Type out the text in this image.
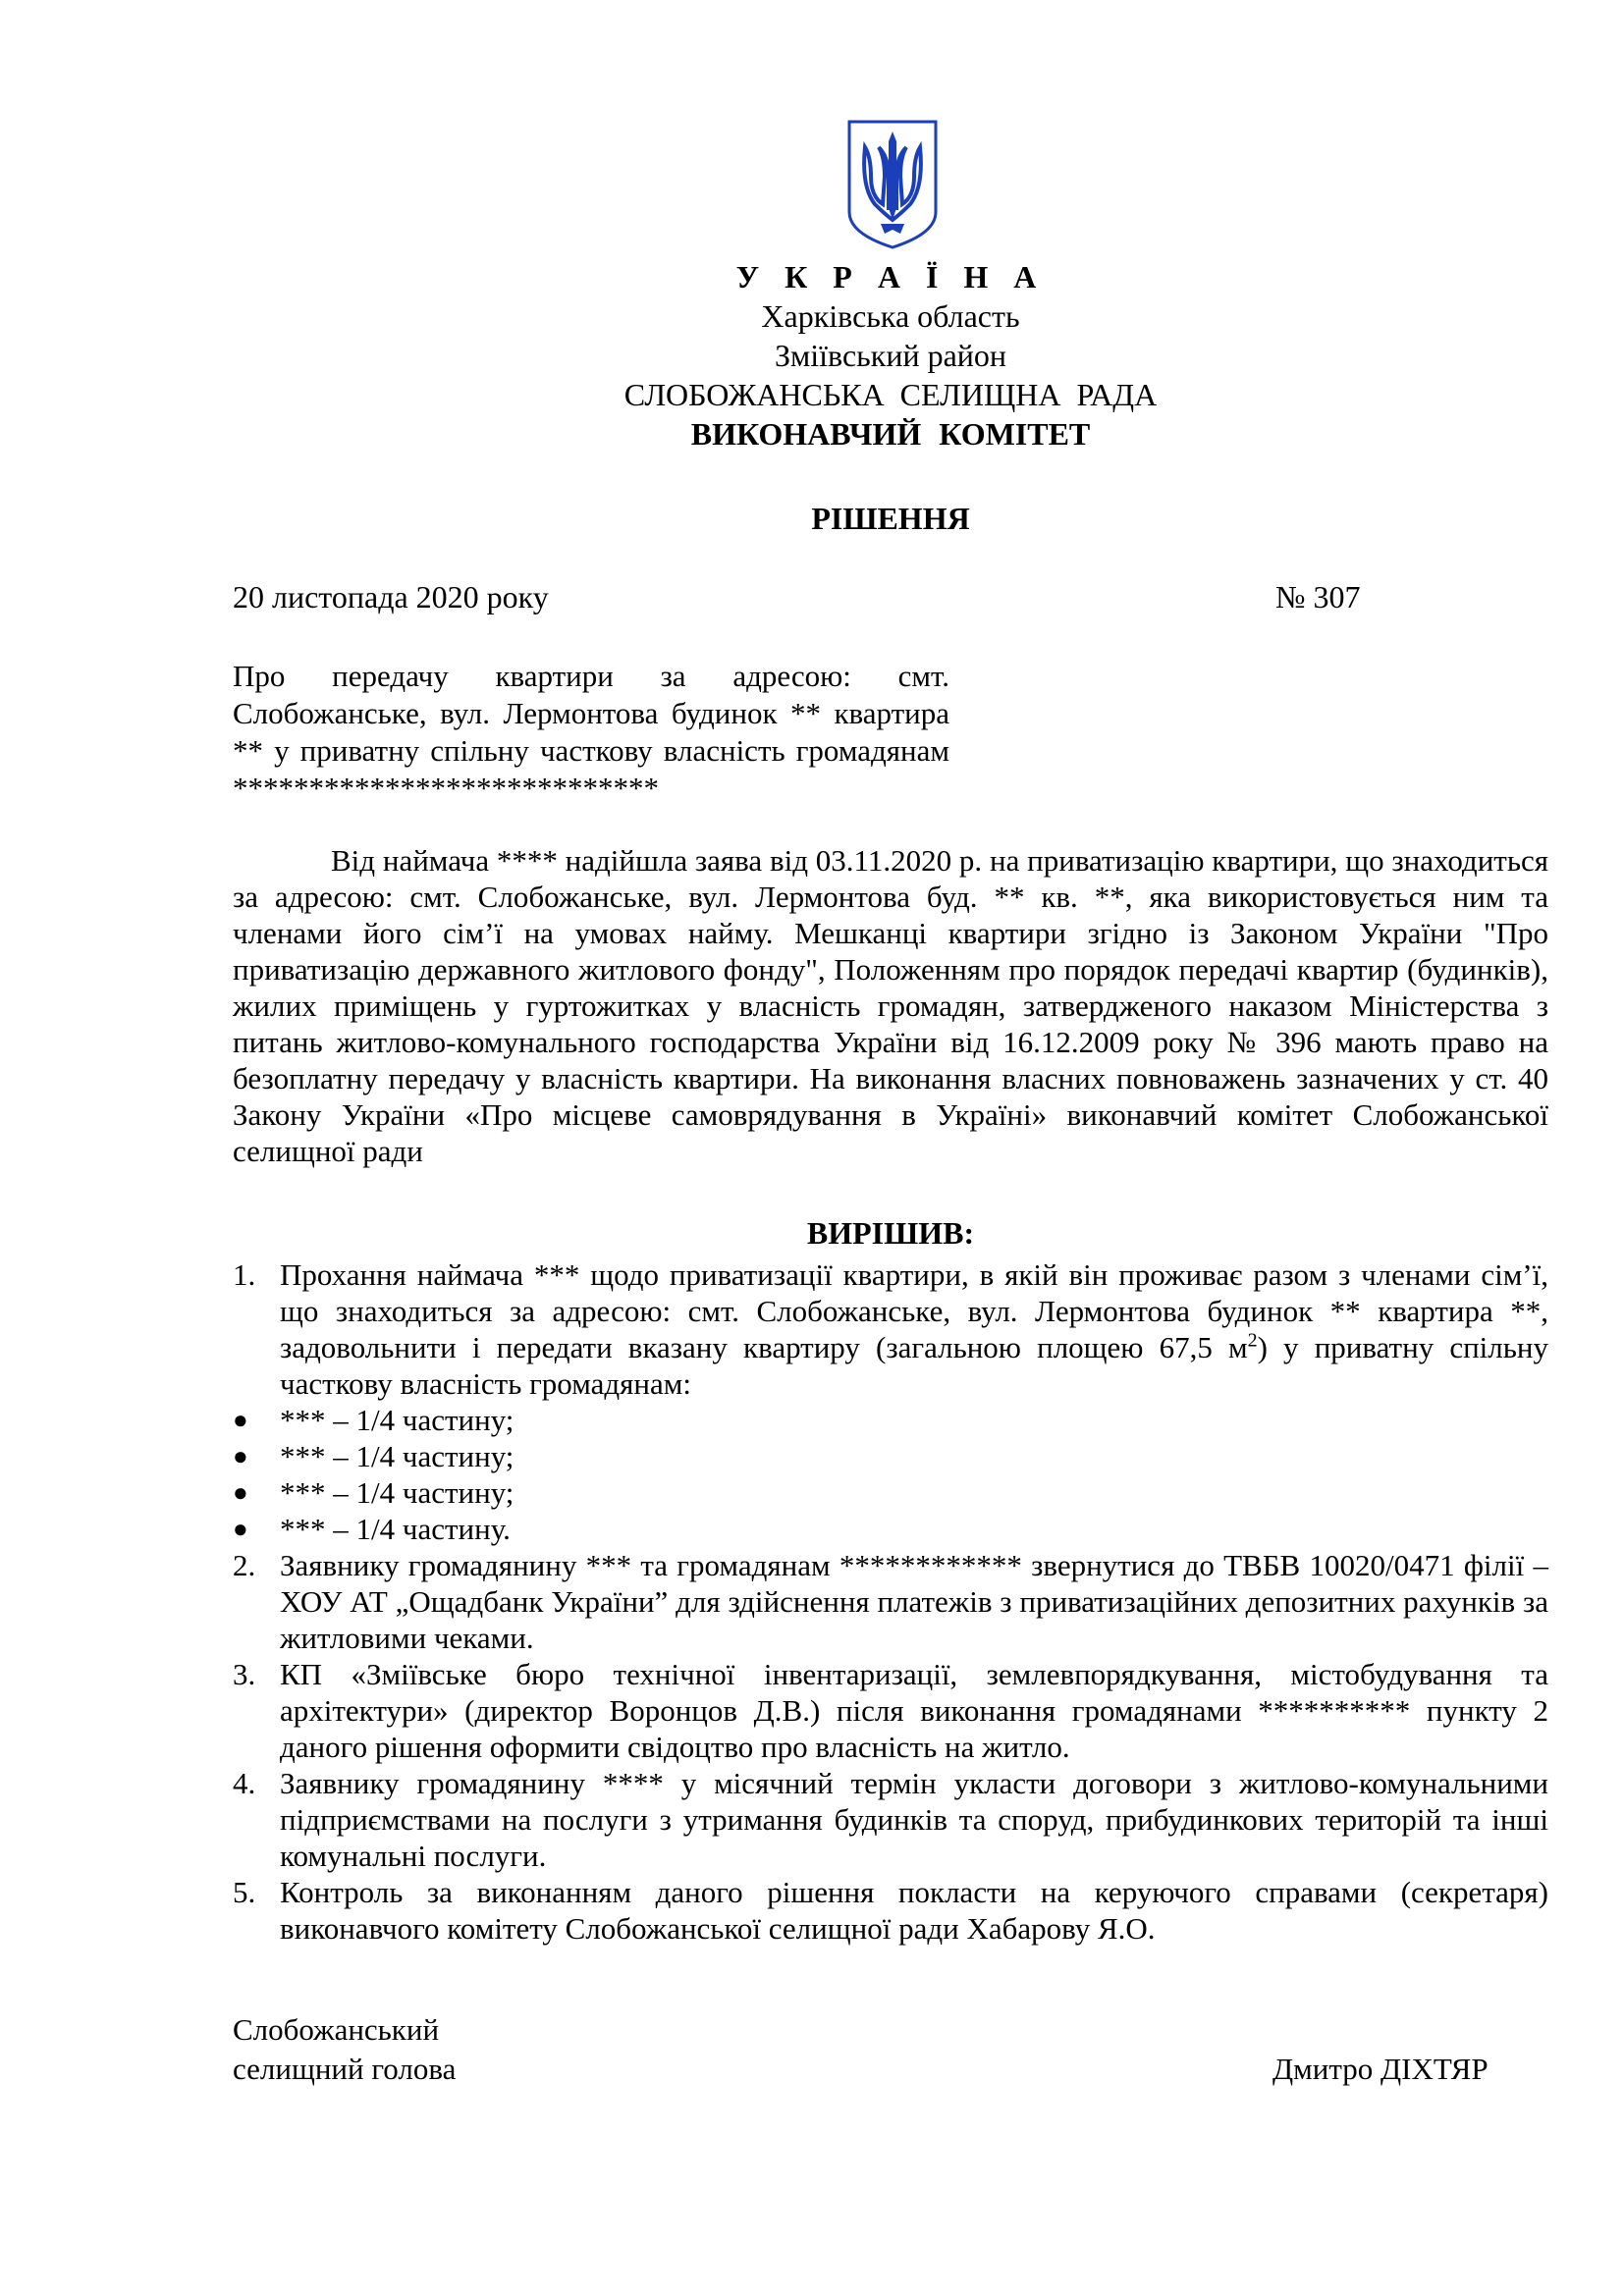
У К Р А Ї Н А
Харківська область
Зміївський район
СЛОБОЖАНСЬКА СЕЛИЩНА РАДА
ВИКОНАВЧИЙ КОМІТЕТ
РІШЕННЯ
20 листопада 2020 року	№ 307
Про передачу квартири за адресою: смт. Слобожанське, вул. Лермонтова будинок ** квартира ** у приватну спільну часткову власність громадянам ****************************
Від наймача **** надійшла заява від 03.11.2020 р. на приватизацію квартири, що знаходиться за адресою: смт. Слобожанське, вул. Лермонтова буд. ** кв. **, яка використовується ним та членами його сім’ї на умовах найму. Мешканці квартири згідно із Законом України "Про приватизацію державного житлового фонду", Положенням про порядок передачі квартир (будинків), жилих приміщень у гуртожитках у власність громадян, затвердженого наказом Міністерства з питань житлово-комунального господарства України від 16.12.2009 року № 396 мають право на безоплатну передачу у власність квартири. На виконання власних повноважень зазначених у ст. 40 Закону України «Про місцеве самоврядування в Україні» виконавчий комітет Слобожанської селищної ради
ВИРІШИВ:
1. Прохання наймача *** щодо приватизації квартири, в якій він проживає разом з членами сім’ї, що знаходиться за адресою: смт. Слобожанське, вул. Лермонтова будинок ** квартира **, задовольнити і передати вказану квартиру (загальною площею 67,5 $м^2$) у приватну спільну часткову власність громадянам:
● *** – 1/4 частину;
● *** – 1/4 частину;
● *** – 1/4 частину;
● *** – 1/4 частину.
2. Заявнику громадянину *** та громадянам ************ звернутися до ТВБВ 10020/0471 філії – ХОУ АТ „Ощадбанк України” для здійснення платежів з приватизаційних депозитних рахунків за житловими чеками.
3. КП «Зміївське бюро технічної інвентаризації, землевпорядкування, містобудування та архітектури» (директор Воронцов Д.В.) після виконання громадянами ********** пункту 2 даного рішення оформити свідоцтво про власність на житло.
4. Заявнику громадянину **** у місячний термін укласти договори з житлово-комунальними підприємствами на послуги з утримання будинків та споруд, прибудинкових територій та інші комунальні послуги.
5. Контроль за виконанням даного рішення покласти на керуючого справами (секретаря) виконавчого комітету Слобожанської селищної ради Хабарову Я.О.
Слобожанський
селищний голова	Дмитро ДІХТЯР
